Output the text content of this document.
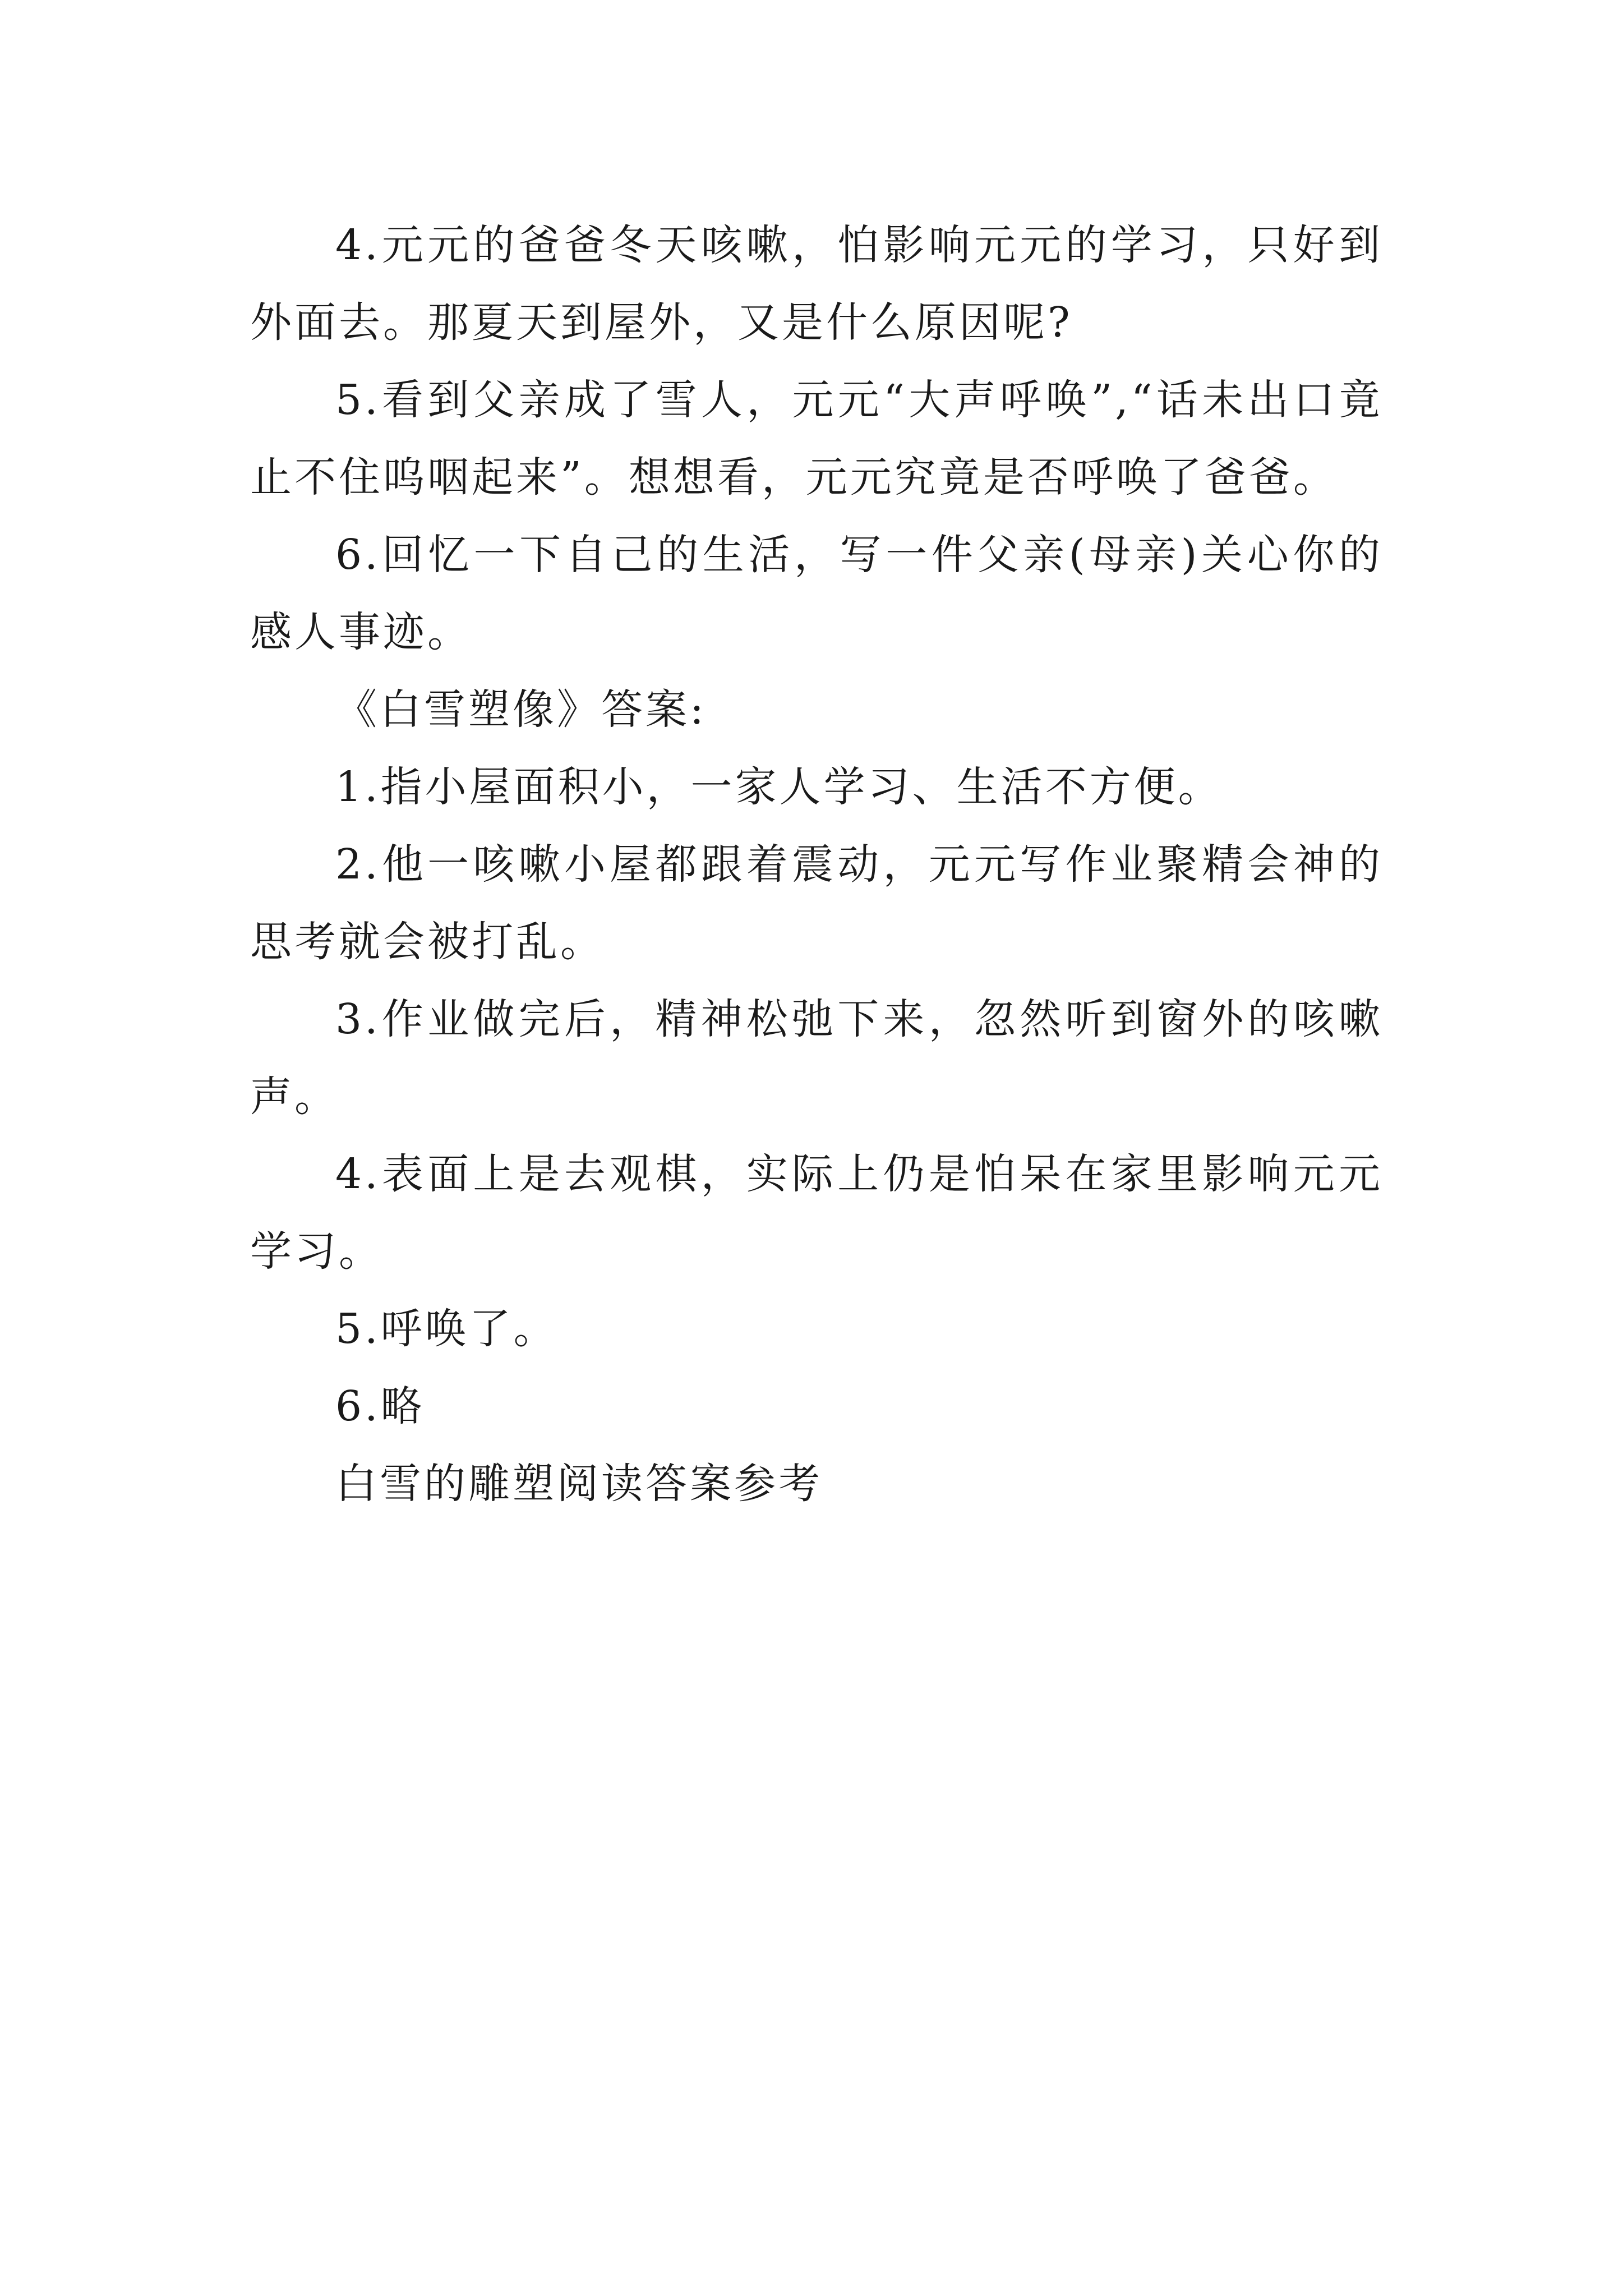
4.元元的爸爸冬天咳嗽，怕影响元元的学习，只好到外面去。那夏天到屋外，又是什么原因呢?

5.看到父亲成了雪人，元元“大声呼唤”,“话未出口竟止不住呜咽起来”。想想看，元元究竟是否呼唤了爸爸。

6.回忆一下自己的生活，写一件父亲(母亲)关心你的感人事迹。

《白雪塑像》答案:

1.指小屋面积小，一家人学习、生活不方便。

2.他一咳嗽小屋都跟着震动，元元写作业聚精会神的思考就会被打乱。

3.作业做完后，精神松弛下来，忽然听到窗外的咳嗽声。

4.表面上是去观棋，实际上仍是怕呆在家里影响元元学习。

5.呼唤了。

6.略

白雪的雕塑阅读答案参考
